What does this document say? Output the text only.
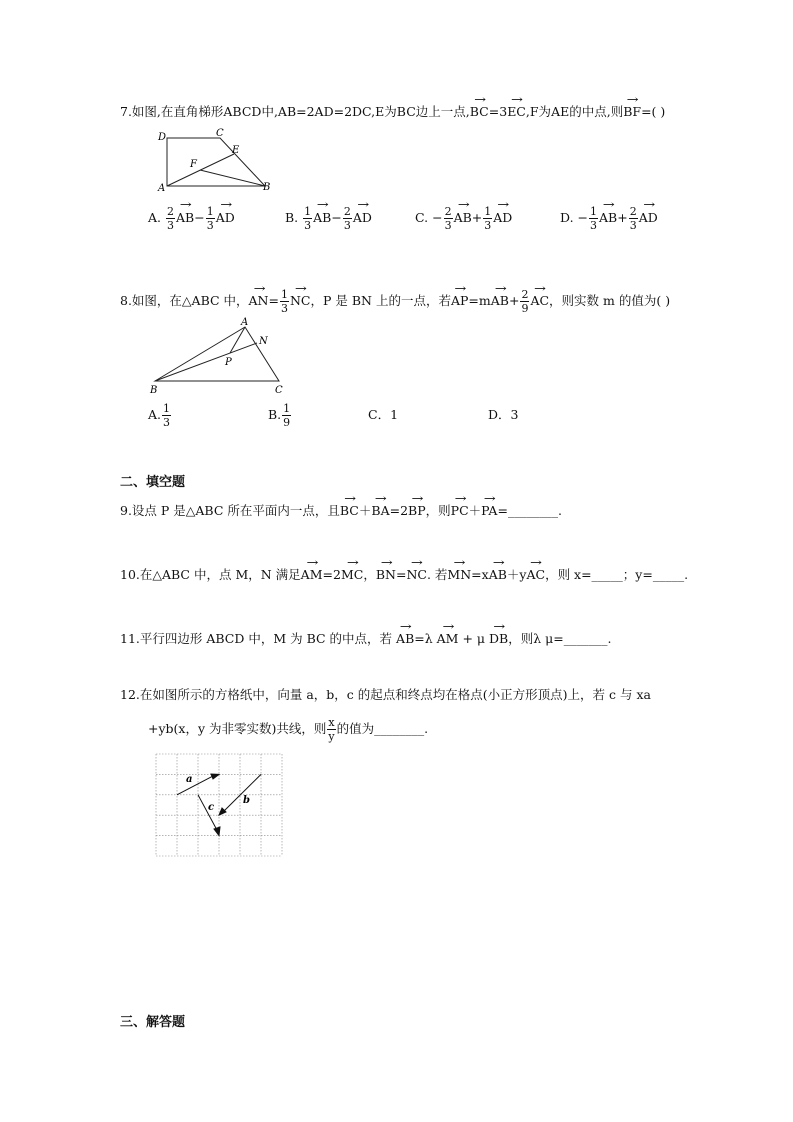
7.如图,在直角梯形ABCD中,AB=2AD=2DC,E为BC边上一点,→ BC=3→ EC,F为AE的中点,则→ BF=( )
D	C
E
F
A	B
A. $\frac{2}{3}$
→ $AB- \frac{1}{3}$
→ AD	B. $\frac{1}{3}$
→ $AB- \frac{2}{3}$
→ AD	C. − $\frac{2}{3}$
→ $AB+ \frac{1}{3}$
→ AD	D. − $\frac{1}{3}$
→ $AB+ \frac{2}{3}$
→ AD
8.如图，在△ABC 中，→ $AN= \frac{1}{3}$
→ NC，P 是 BN 上的一点，若→ $AP=m\to AB+ \frac{2}{9}$
→ AC，则实数 m 的值为( )
A
N
P
B	C
A. $\frac{1}{3}$	B. $\frac{1}{9}$	C．1	D．3
二、填空题
9.设点 P 是△ABC 所在平面内一点，且→ BC＋→ BA=2→ BP，则→ PC＋→ PA=________.
10.在△ABC 中，点 M，N 满足→ AM=2→ MC，→ BN=→ NC. 若→ MN=x→ AB＋y→ AC，则 x=_____；y=_____.
11.平行四边形 ABCD 中，M 为 BC 的中点，若 → AB=λ → AM + μ → DB，则λ μ=_______.
12.在如图所示的方格纸中，向量 a，b，c 的起点和终点均在格点(小正方形顶点)上，若 c 与 xa
+yb(x，y 为非零实数)共线，则 $\frac{x}{y}$ 的值为________.
a
b
c
三、解答题
